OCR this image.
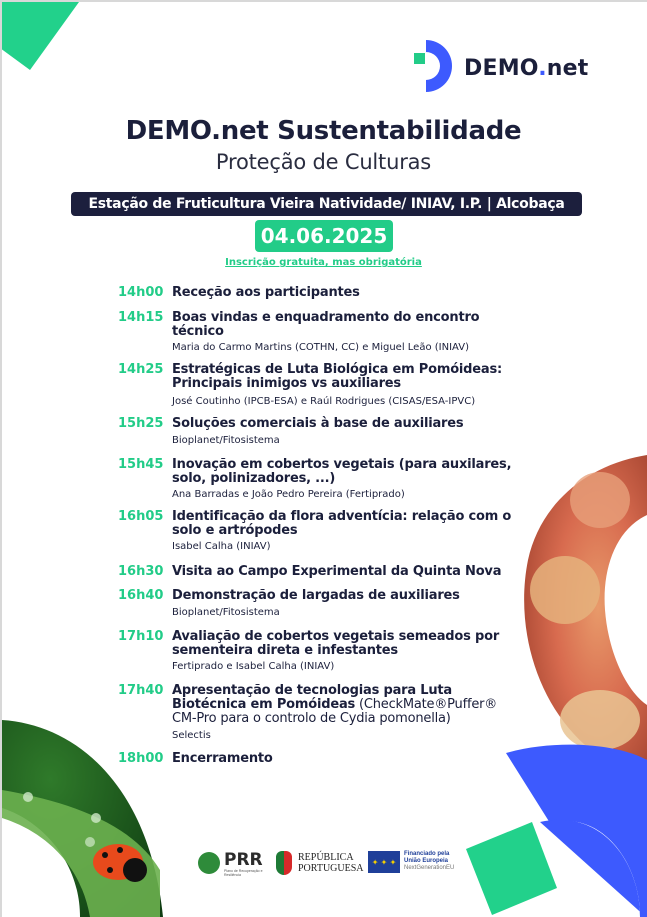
DEMO.net
DEMO.net Sustentabilidade
Proteção de Culturas
Estação de Fruticultura Vieira Natividade/ INIAV, I.P. | Alcobaça
04.06.2025
Inscrição gratuita, mas obrigatória
14h00 Receção aos participantes
14h15 Boas vindas e enquadramento do encontro técnico
Maria do Carmo Martins (COTHN, CC) e Miguel Leão (INIAV)
14h25 Estratégicas de Luta Biológica em Pomóideas: Principais inimigos vs auxiliares
José Coutinho (IPCB-ESA) e Raúl Rodrigues (CISAS/ESA-IPVC)
15h25 Soluções comerciais à base de auxiliares
Bioplanet/Fitosistema
15h45 Inovação em cobertos vegetais (para auxilares, solo, polinizadores, ...)
Ana Barradas e João Pedro Pereira (Fertiprado)
16h05 Identificação da flora adventícia: relação com o solo e artrópodes
Isabel Calha (INIAV)
16h30 Visita ao Campo Experimental da Quinta Nova
16h40 Demonstração de largadas de auxiliares
Bioplanet/Fitosistema
17h10 Avaliação de cobertos vegetais semeados por sementeira direta e infestantes
Fertiprado e Isabel Calha (INIAV)
17h40 Apresentação de tecnologias para Luta Biotécnica em Pomóideas (CheckMate®Puffer® CM-Pro para o controlo de Cydia pomonella)
Selectis
18h00 Encerramento
PRR
Plano de Recuperação e Resiliência
REPÚBLICA
PORTUGUESA
✦ ✦ ✦
Financiado pela
União Europeia
NextGenerationEU
